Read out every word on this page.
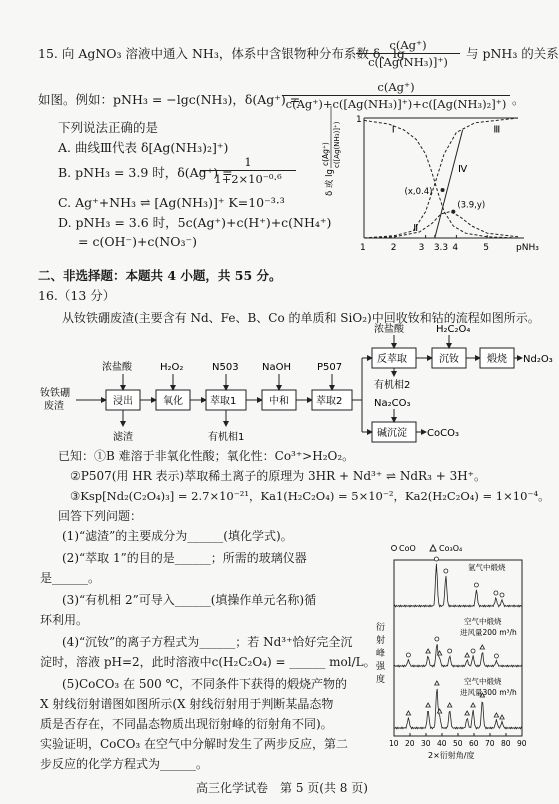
15. 向 AgNO₃ 溶液中通入 NH₃，体系中含银物种分布系数 δ、lg
$\frac{c(Ag^+)}{\text{c([Ag(NH₃)]⁺)}}$ 与 pNH₃ 的关系
如图。例如：pNH₃ = −lgc(NH₃)，δ(Ag⁺) =
$\frac{c(Ag^+)}{\text{c(Ag⁺)+c([Ag(NH₃)]⁺)+c([Ag(NH₃)₂]⁺)}}$ 。
下列说法正确的是
A. 曲线Ⅲ代表 δ[Ag(NH₃)₂]⁺)
B. pNH₃ = 3.9 时，δ(Ag⁺) =
$\frac{1}{\text{1+2×10⁻⁰·⁶}}$
C. Ag⁺+NH₃ ⇌ [Ag(NH₃)]⁺ K=10⁻³·³
D. pNH₃ = 3.6 时，5c(Ag⁺)+c(H⁺)+c(NH₄⁺)
= c(OH⁻)+c(NO₃⁻)
1
1	2 3 3.3 4	5	pNH₃
δ 或 lg
c(Ag⁺) c([Ag(NH₃)]⁺)	Ⅰ
Ⅱ
Ⅲ
Ⅳ
(x,0.4)
(3.9,y)
二、非选择题：本题共 4 小题，共 55 分。
16.（13 分）
从钕铁硼废渣(主要含有 Nd、Fe、B、Co 的单质和 SiO₂)中回收钕和钴的流程如图所示。
钕铁硼
废渣	浸出
浓盐酸
滤渣
氧化
H₂O₂
萃取1
N503
有机相1
中和
NaOH
萃取2
P507
反萃取
浓盐酸
有机相2
沉钕
H₂C₂O₄
煅烧 Nd₂O₃
碱沉淀
Na₂CO₃
CoCO₃
已知：①B 难溶于非氧化性酸；氧化性：Co³⁺>H₂O₂。
②P507(用 HR 表示)萃取稀土离子的原理为 3HR + Nd³⁺ ⇌ NdR₃ + 3H⁺。
③Ksp[Nd₂(C₂O₄)₃] = 2.7×10⁻²¹，Ka1(H₂C₂O₄) = 5×10⁻²，Ka2(H₂C₂O₄) = 1×10⁻⁴。
回答下列问题：
(1)“滤渣”的主要成分为______(填化学式)。
(2)“萃取 1”的目的是______；所需的玻璃仪器
是______。
(3)“有机相 2”可导入______(填操作单元名称)循
环利用。
(4)“沉钕”的离子方程式为______；若 Nd³⁺恰好完全沉
淀时，溶液 pH=2，此时溶液中c(H₂C₂O₄) = ______ mol/L。
(5)CoCO₃ 在 500 ℃，不同条件下获得的煅烧产物的
X 射线衍射谱图如图所示(X 射线衍射用于判断某晶态物
质是否存在，不同晶态物质出现衍射峰的衍射角不同)。
实验证明，CoCO₃ 在空气中分解时发生了两步反应，第二
步反应的化学方程式为______。
CoO	Co₃O₄
衍
射
峰
强
度
10 20 30 40 50 60 70 80 90
2×衍射角/度
氩气中煅烧
空气中煅烧
进风量200 m³/h
空气中煅烧
进风量300 m³/h
高三化学试卷　第 5 页(共 8 页)
